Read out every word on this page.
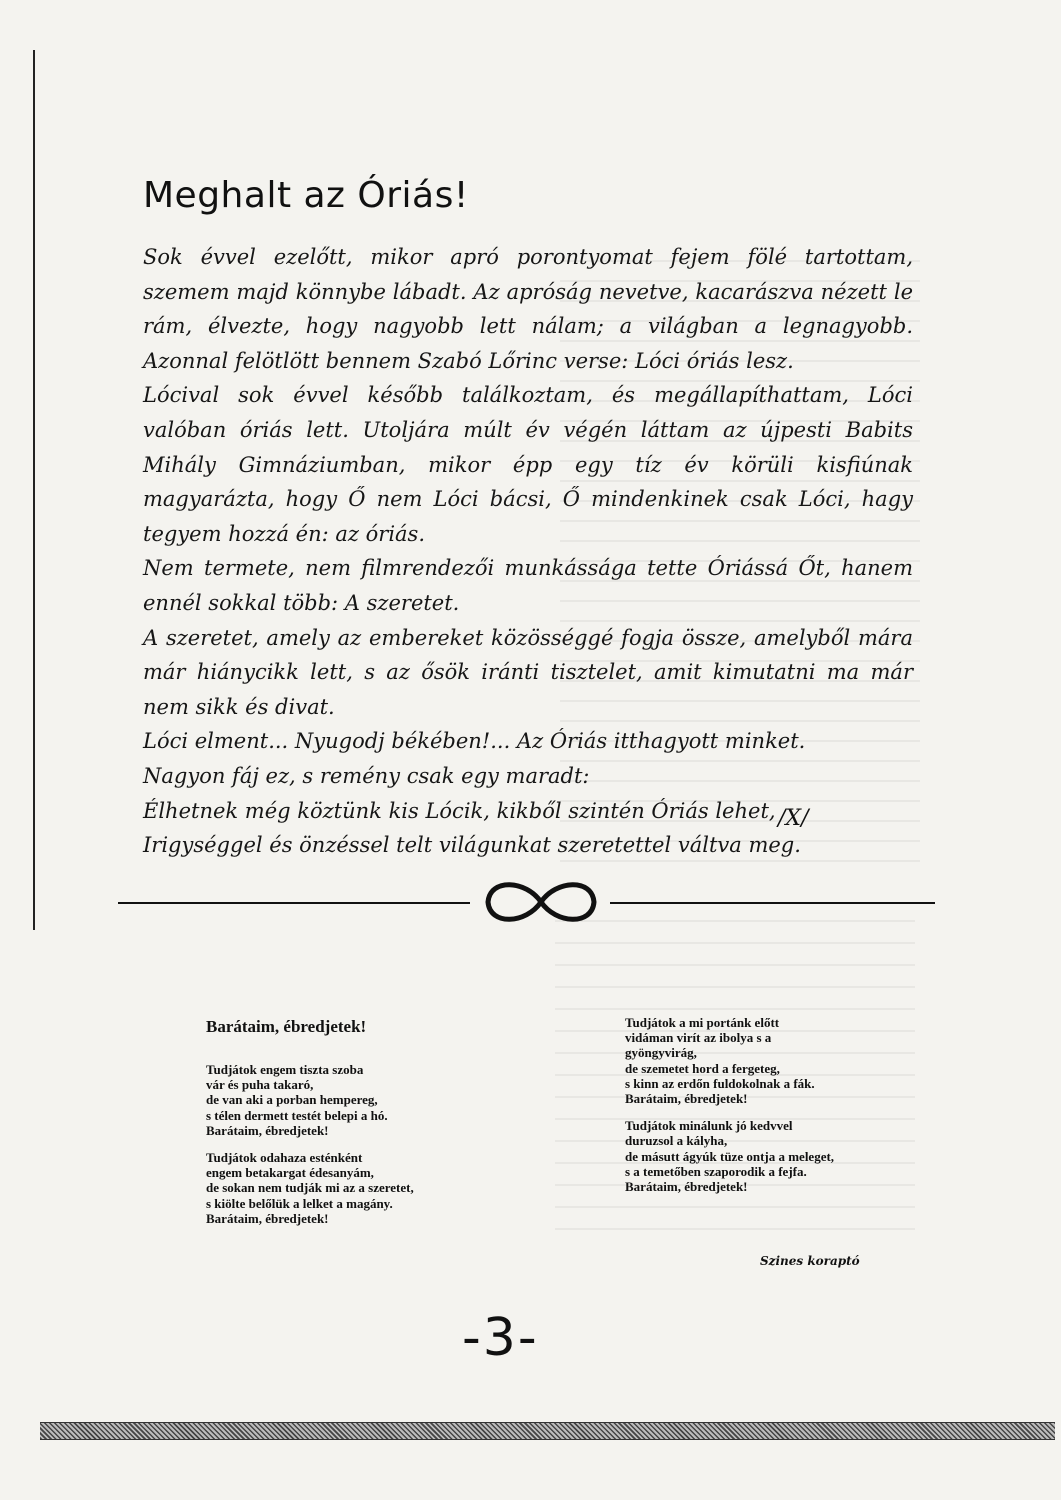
Meghalt az Óriás!

Sok évvel ezelőtt, mikor apró porontyomat fejem fölé tartottam, szemem majd könnybe lábadt. Az apróság nevetve, kacarászva nézett le rám, élvezte, hogy nagyobb lett nálam; a világban a legnagyobb. Azonnal felötlött bennem Szabó Lőrinc verse: Lóci óriás lesz.

Lócival sok évvel később találkoztam, és megállapíthattam, Lóci valóban óriás lett. Utoljára múlt év végén láttam az újpesti Babits Mihály Gimnáziumban, mikor épp egy tíz év körüli kisfiúnak magyarázta, hogy Ő nem Lóci bácsi, Ő mindenkinek csak Lóci, hagy tegyem hozzá én: az óriás.

Nem termete, nem filmrendezői munkássága tette Óriássá Őt, hanem ennél sokkal több: A szeretet.

A szeretet, amely az embereket közösséggé fogja össze, amelyből mára már hiánycikk lett, s az ősök iránti tisztelet, amit kimutatni ma már nem sikk és divat.

Lóci elment... Nyugodj békében!... Az Óriás itthagyott minket.

Nagyon fáj ez, s remény csak egy maradt:

Élhetnek még köztünk kis Lócik, kikből szintén Óriás lehet,

Irigységgel és önzéssel telt világunkat szeretettel váltva meg.

/X/
Barátaim, ébredjetek!
Tudjátok engem tiszta szoba
vár és puha takaró,
de van aki a porban hempereg,
s télen dermett testét belepi a hó.
Barátaim, ébredjetek!
Tudjátok odahaza esténként
engem betakargat édesanyám,
de sokan nem tudják mi az a szeretet,
s kiölte belőlük a lelket a magány.
Barátaim, ébredjetek!
Tudjátok a mi portánk előtt
vidáman virít az ibolya s a
gyöngyvirág,
de szemetet hord a fergeteg,
s kinn az erdőn fuldokolnak a fák.
Barátaim, ébredjetek!
Tudjátok minálunk jó kedvvel
duruzsol a kályha,
de másutt ágyúk tüze ontja a meleget,
s a temetőben szaporodik a fejfa.
Barátaim, ébredjetek!
Szines koraptó
-3-
